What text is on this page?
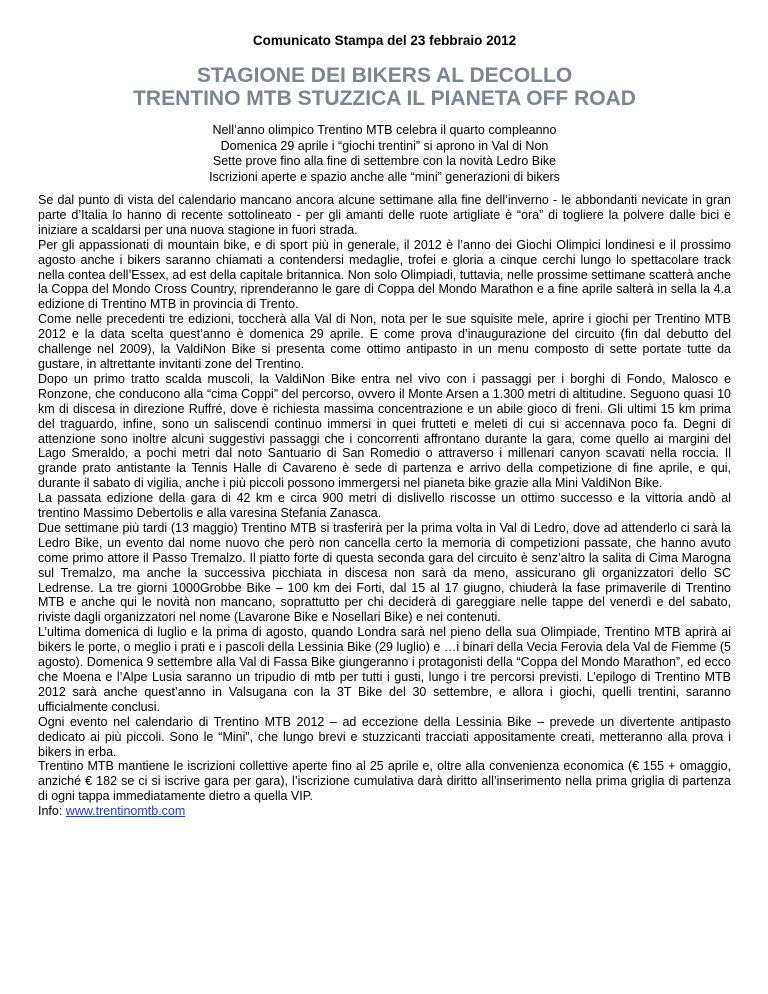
Comunicato Stampa del 23 febbraio 2012
STAGIONE DEI BIKERS AL DECOLLO
TRENTINO MTB STUZZICA IL PIANETA OFF ROAD
Nell’anno olimpico Trentino MTB celebra il quarto compleanno
Domenica 29 aprile i “giochi trentini” si aprono in Val di Non
Sette prove fino alla fine di settembre con la novità Ledro Bike
Iscrizioni aperte e spazio anche alle “mini” generazioni di bikers

Se dal punto di vista del calendario mancano ancora alcune settimane alla fine dell’inverno - le abbondanti nevicate in gran parte d’Italia lo hanno di recente sottolineato - per gli amanti delle ruote artigliate è “ora” di togliere la polvere dalle bici e iniziare a scaldarsi per una nuova stagione in fuori strada.

Per gli appassionati di mountain bike, e di sport più in generale, il 2012 è l’anno dei Giochi Olimpici londinesi e il prossimo agosto anche i bikers saranno chiamati a contendersi medaglie, trofei e gloria a cinque cerchi lungo lo spettacolare track nella contea dell’Essex, ad est della capitale britannica. Non solo Olimpiadi, tuttavia, nelle prossime settimane scatterà anche la Coppa del Mondo Cross Country, riprenderanno le gare di Coppa del Mondo Marathon e a fine aprile salterà in sella la 4.a edizione di Trentino MTB in provincia di Trento.

Come nelle precedenti tre edizioni, toccherà alla Val di Non, nota per le sue squisite mele, aprire i giochi per Trentino MTB 2012 e la data scelta quest’anno è domenica 29 aprile. E come prova d’inaugurazione del circuito (fin dal debutto del challenge nel 2009), la ValdiNon Bike si presenta come ottimo antipasto in un menu composto di sette portate tutte da gustare, in altrettante invitanti zone del Trentino.

Dopo un primo tratto scalda muscoli, la ValdiNon Bike entra nel vivo con i passaggi per i borghi di Fondo, Malosco e Ronzone, che conducono alla “cima Coppi” del percorso, ovvero il Monte Arsen a 1.300 metri di altitudine. Seguono quasi 10 km di discesa in direzione Ruffré, dove è richiesta massima concentrazione e un abile gioco di freni. Gli ultimi 15 km prima del traguardo, infine, sono un saliscendi continuo immersi in quei frutteti e meleti di cui si accennava poco fa. Degni di attenzione sono inoltre alcuni suggestivi passaggi che i concorrenti affrontano durante la gara, come quello ai margini del Lago Smeraldo, a pochi metri dal noto Santuario di San Romedio o attraverso i millenari canyon scavati nella roccia. Il grande prato antistante la Tennis Halle di Cavareno è sede di partenza e arrivo della competizione di fine aprile, e qui, durante il sabato di vigilia, anche i più piccoli possono immergersi nel pianeta bike grazie alla Mini ValdiNon Bike.

La passata edizione della gara di 42 km e circa 900 metri di dislivello riscosse un ottimo successo e la vittoria andò al trentino Massimo Debertolis e alla varesina Stefania Zanasca.

Due settimane più tardi (13 maggio) Trentino MTB si trasferirà per la prima volta in Val di Ledro, dove ad attenderlo ci sarà la Ledro Bike, un evento dal nome nuovo che però non cancella certo la memoria di competizioni passate, che hanno avuto come primo attore il Passo Tremalzo. Il piatto forte di questa seconda gara del circuito è senz’altro la salita di Cima Marogna sul Tremalzo, ma anche la successiva picchiata in discesa non sarà da meno, assicurano gli organizzatori dello SC Ledrense. La tre giorni 1000Grobbe Bike – 100 km dei Forti, dal 15 al 17 giugno, chiuderà la fase primaverile di Trentino MTB e anche qui le novità non mancano, soprattutto per chi deciderà di gareggiare nelle tappe del venerdì e del sabato, riviste dagli organizzatori nel nome (Lavarone Bike e Nosellari Bike) e nei contenuti.

L’ultima domenica di luglio e la prima di agosto, quando Londra sarà nel pieno della sua Olimpiade, Trentino MTB aprirà ai bikers le porte, o meglio i prati e i pascoli della Lessinia Bike (29 luglio) e …i binari della Vecia Ferovia dela Val de Fiemme (5 agosto). Domenica 9 settembre alla Val di Fassa Bike giungeranno i protagonisti della “Coppa del Mondo Marathon”, ed ecco che Moena e l’Alpe Lusia saranno un tripudio di mtb per tutti i gusti, lungo i tre percorsi previsti. L’epilogo di Trentino MTB 2012 sarà anche quest’anno in Valsugana con la 3T Bike del 30 settembre, e allora i giochi, quelli trentini, saranno ufficialmente conclusi.

Ogni evento nel calendario di Trentino MTB 2012 – ad eccezione della Lessinia Bike – prevede un divertente antipasto dedicato ai più piccoli. Sono le “Mini”, che lungo brevi e stuzzicanti tracciati appositamente creati, metteranno alla prova i bikers in erba.

Trentino MTB mantiene le iscrizioni collettive aperte fino al 25 aprile e, oltre alla convenienza economica (€ 155 + omaggio, anziché € 182 se ci si iscrive gara per gara), l’iscrizione cumulativa darà diritto all’inserimento nella prima griglia di partenza di ogni tappa immediatamente dietro a quella VIP.

Info: www.trentinomtb.com
